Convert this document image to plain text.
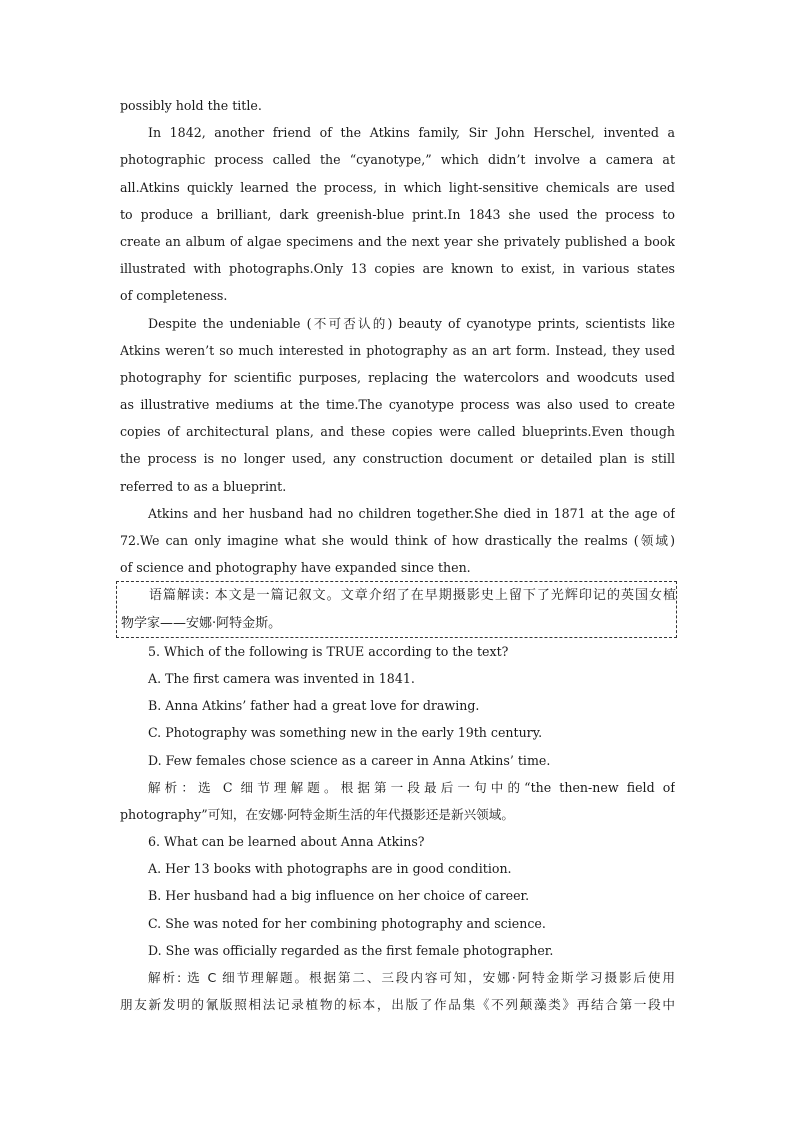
possibly hold the title.
In 1842, another friend of the Atkins family, Sir John Herschel, invented a
photographic process called the “cyanotype,” which didn’t involve a camera at
all.Atkins quickly learned the process, in which light-sensitive chemicals are used
to produce a brilliant, dark greenish-blue print.In 1843 she used the process to
create an album of algae specimens and the next year she privately published a book
illustrated with photographs.Only 13 copies are known to exist, in various states
of completeness.
Despite the undeniable (不可否认的) beauty of cyanotype prints, scientists like
Atkins weren’t so much interested in photography as an art form. Instead, they used
photography for scientific purposes, replacing the watercolors and woodcuts used
as illustrative mediums at the time.The cyanotype process was also used to create
copies of architectural plans, and these copies were called blueprints.Even though
the process is no longer used, any construction document or detailed plan is still
referred to as a blueprint.
Atkins and her husband had no children together.She died in 1871 at the age of
72.We can only imagine what she would think of how drastically the realms (领域)
of science and photography have expanded since then.
语篇解读: 本文是一篇记叙文。文章介绍了在早期摄影史上留下了光辉印记的英国女植
物学家——安娜·阿特金斯。
5. Which of the following is TRUE according to the text?
A. The first camera was invented in 1841.
B. Anna Atkins’ father had a great love for drawing.
C. Photography was something new in the early 19th century.
D. Few females chose science as a career in Anna Atkins’ time.
解析：选 C 细节理解题。根据第一段最后一句中的“the then-new field of
photography”可知，在安娜·阿特金斯生活的年代摄影还是新兴领域。
6. What can be learned about Anna Atkins?
A. Her 13 books with photographs are in good condition.
B. Her husband had a big influence on her choice of career.
C. She was noted for her combining photography and science.
D. She was officially regarded as the first female photographer.
解析: 选 C 细节理解题。根据第二、三段内容可知，安娜·阿特金斯学习摄影后使用
朋友新发明的氰版照相法记录植物的标本，出版了作品集《不列颠藻类》再结合第一段中
